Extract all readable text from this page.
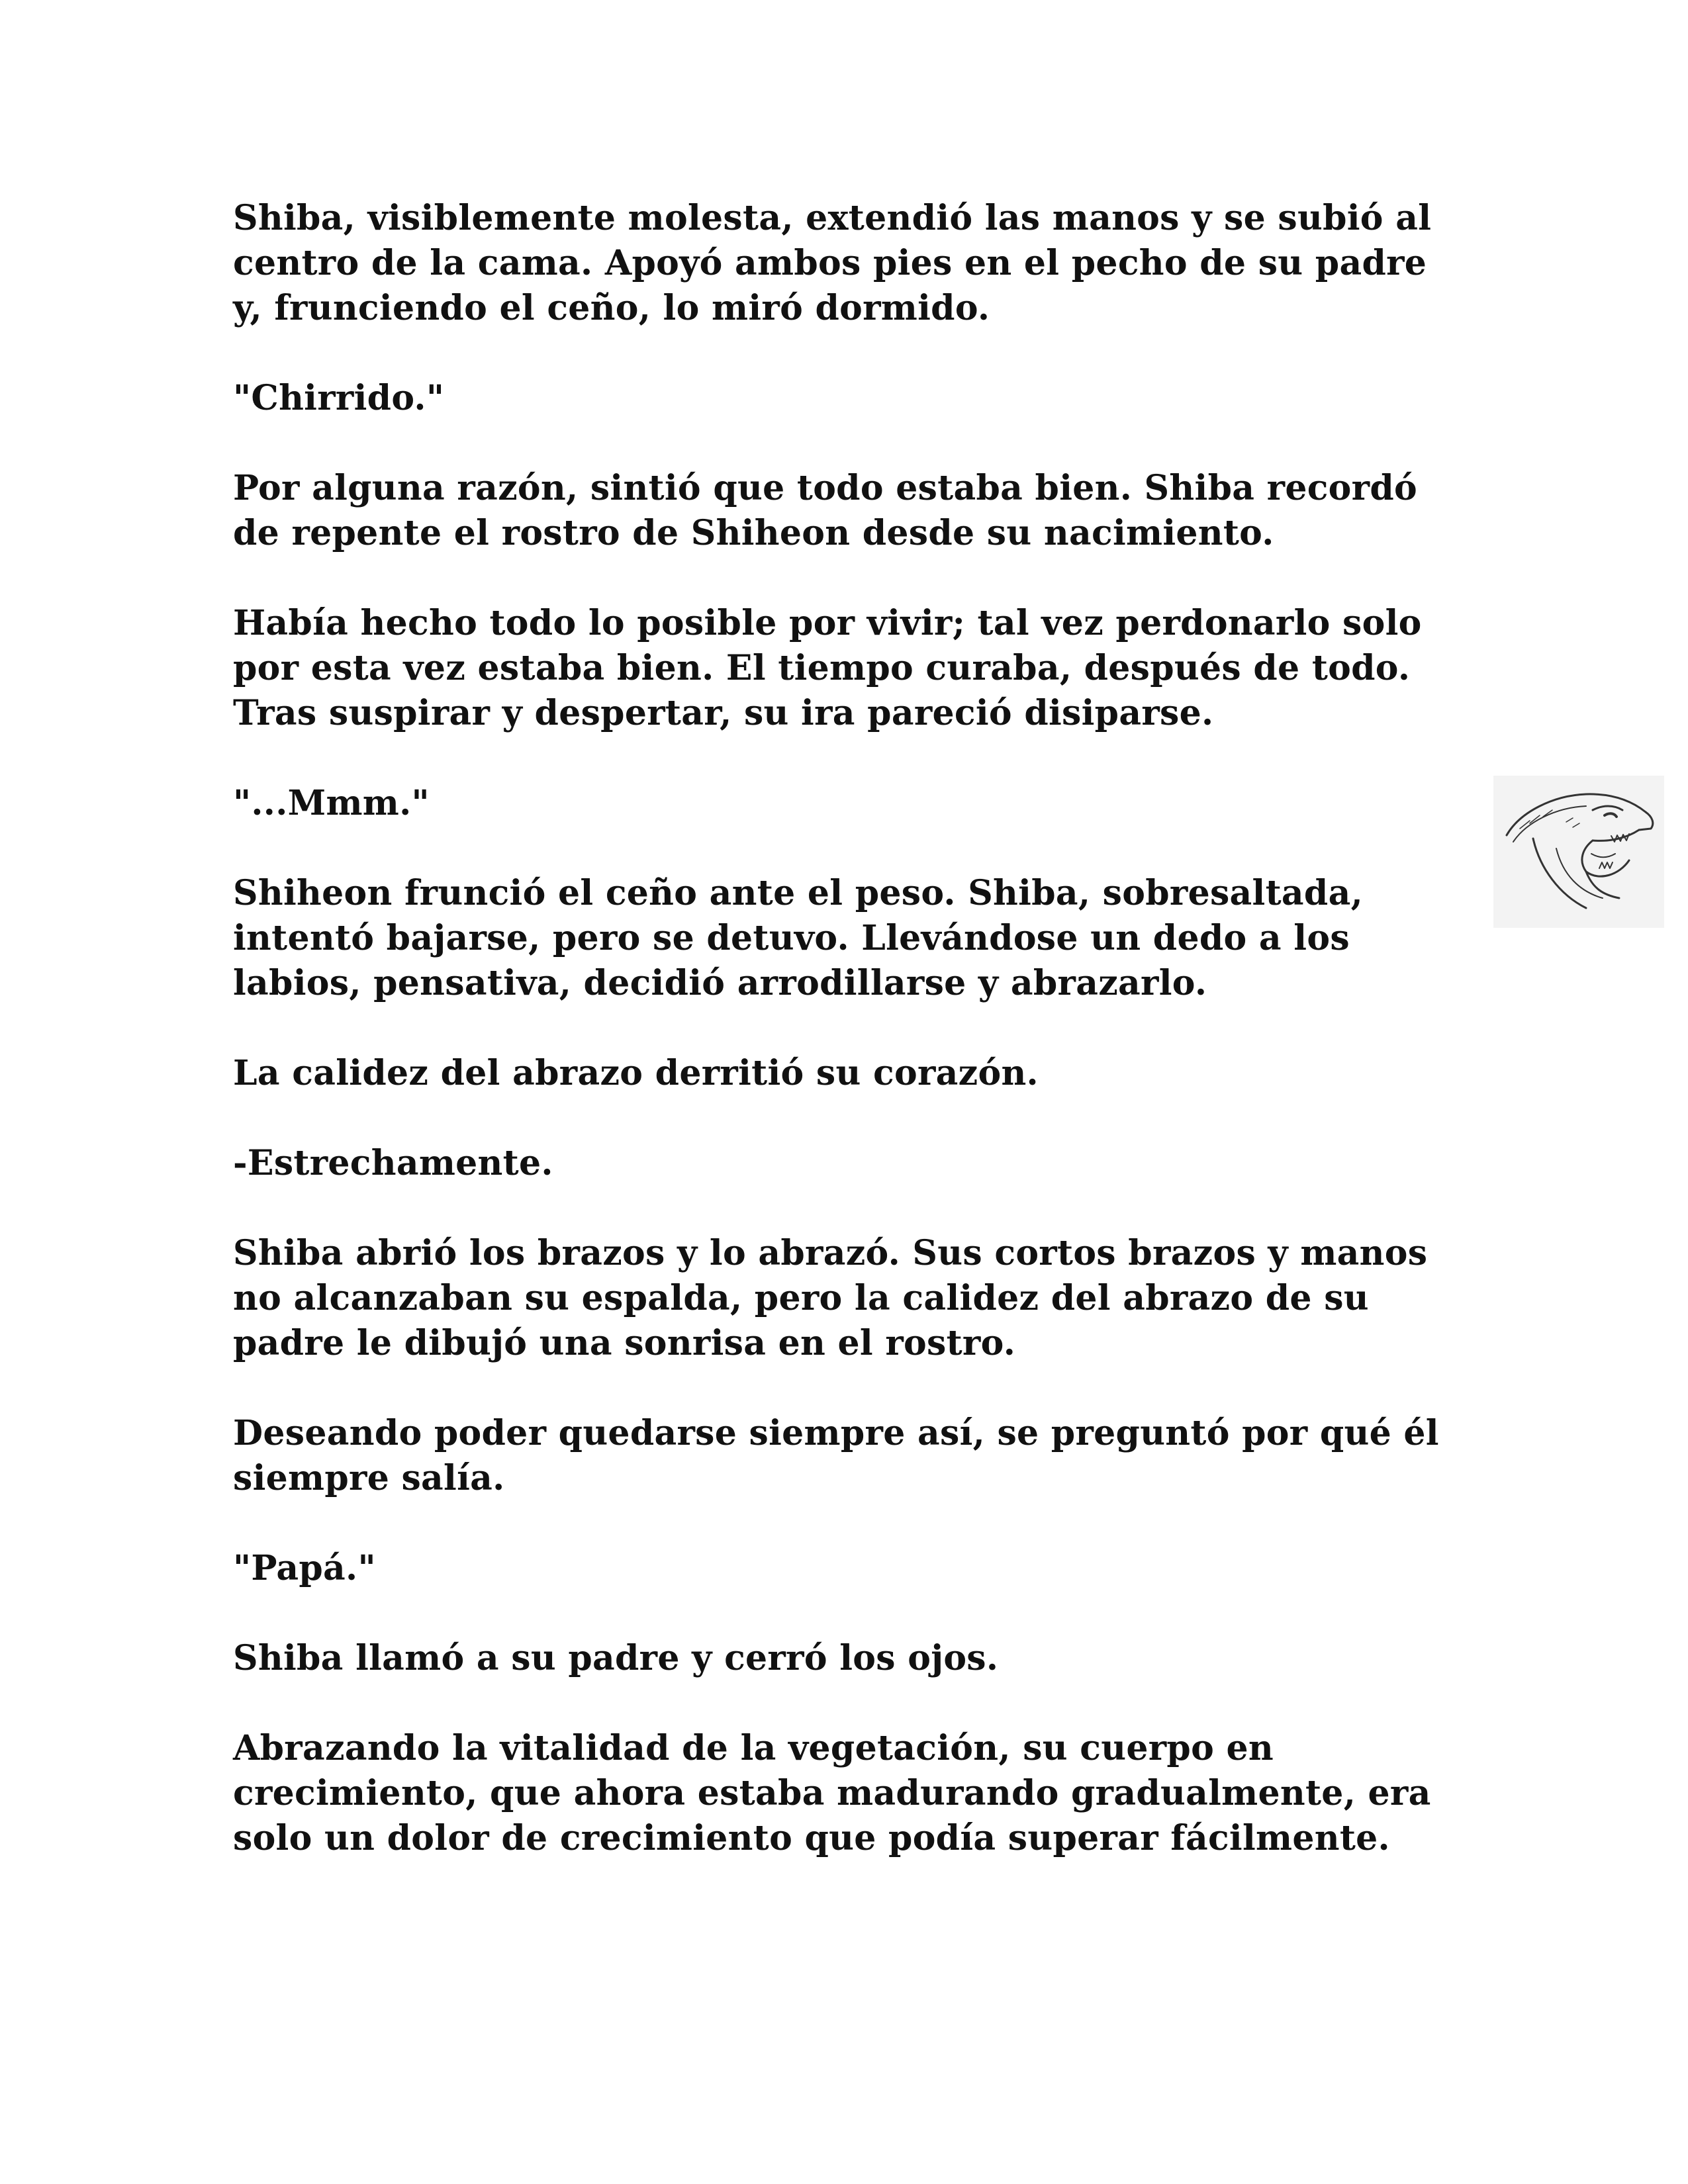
Shiba, visiblemente molesta, extendió las manos y se subió al
centro de la cama. Apoyó ambos pies en el pecho de su padre
y, frunciendo el ceño, lo miró dormido.

"Chirrido."

Por alguna razón, sintió que todo estaba bien. Shiba recordó
de repente el rostro de Shiheon desde su nacimiento.

Había hecho todo lo posible por vivir; tal vez perdonarlo solo
por esta vez estaba bien. El tiempo curaba, después de todo.
Tras suspirar y despertar, su ira pareció disiparse.

"...Mmm."

Shiheon frunció el ceño ante el peso. Shiba, sobresaltada,
intentó bajarse, pero se detuvo. Llevándose un dedo a los
labios, pensativa, decidió arrodillarse y abrazarlo.

La calidez del abrazo derritió su corazón.

-Estrechamente.

Shiba abrió los brazos y lo abrazó. Sus cortos brazos y manos
no alcanzaban su espalda, pero la calidez del abrazo de su
padre le dibujó una sonrisa en el rostro.

Deseando poder quedarse siempre así, se preguntó por qué él
siempre salía.

"Papá."

Shiba llamó a su padre y cerró los ojos.

Abrazando la vitalidad de la vegetación, su cuerpo en
crecimiento, que ahora estaba madurando gradualmente, era
solo un dolor de crecimiento que podía superar fácilmente.
